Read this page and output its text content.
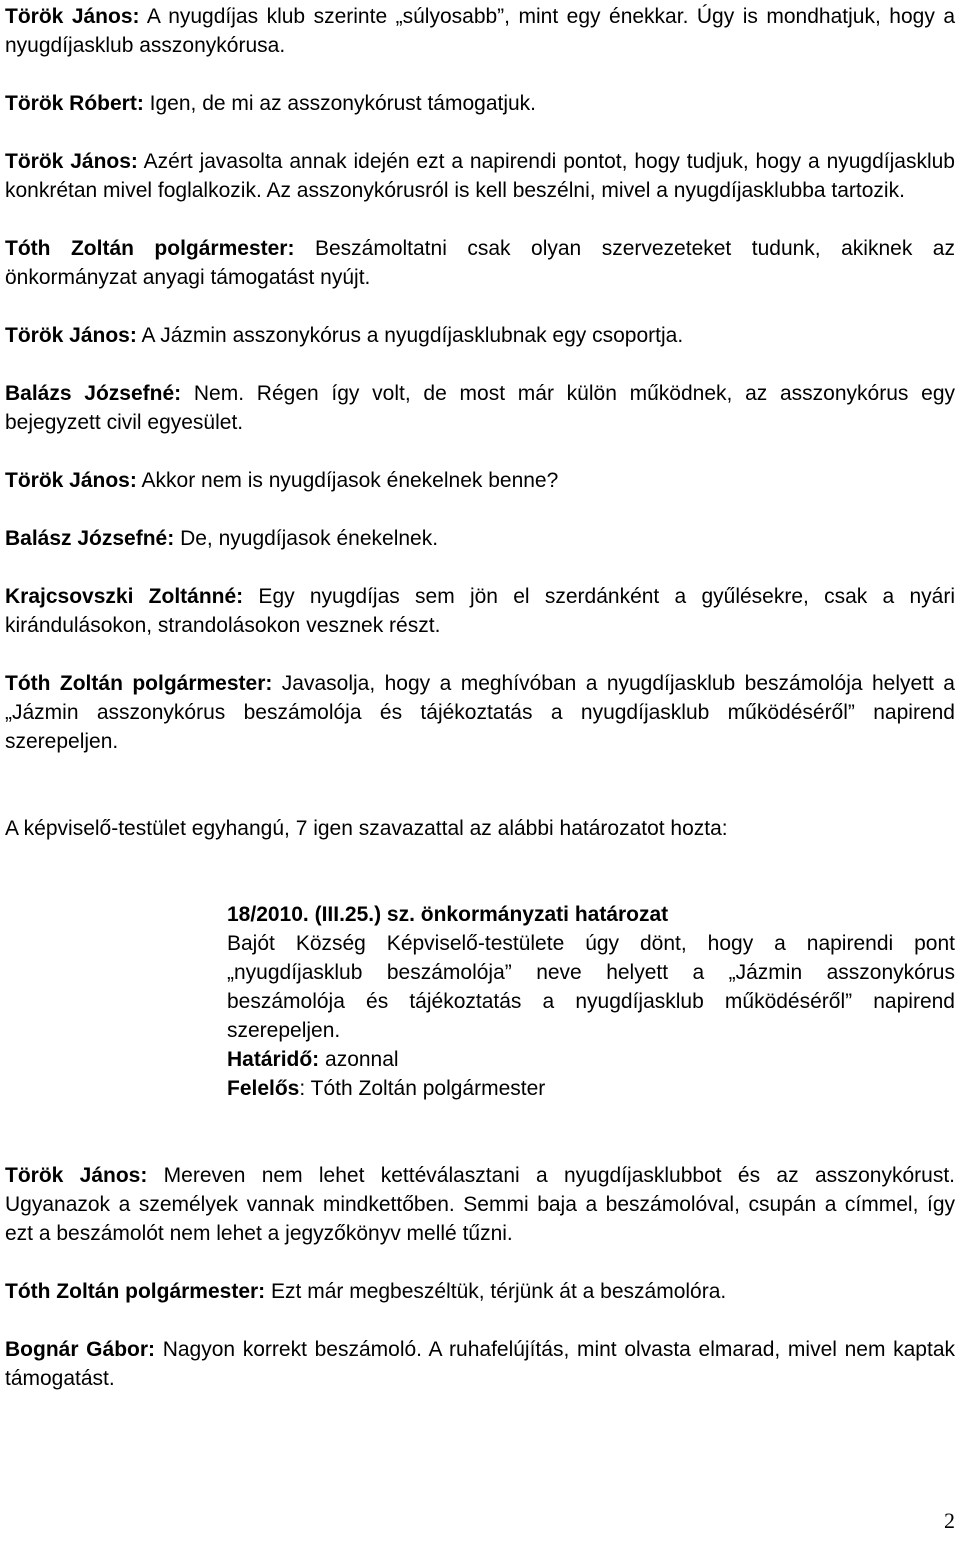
Török János: A nyugdíjas klub szerinte „súlyosabb”, mint egy énekkar. Úgy is mondhatjuk, hogy a nyugdíjasklub asszonykórusa.

Török Róbert: Igen, de mi az asszonykórust támogatjuk.

Török János: Azért javasolta annak idején ezt a napirendi pontot, hogy tudjuk, hogy a nyugdíjasklub konkrétan mivel foglalkozik. Az asszonykórusról is kell beszélni, mivel a nyugdíjasklubba tartozik.

Tóth Zoltán polgármester: Beszámoltatni csak olyan szervezeteket tudunk, akiknek az önkormányzat anyagi támogatást nyújt.

Török János: A Jázmin asszonykórus a nyugdíjasklubnak egy csoportja.

Balázs Józsefné: Nem. Régen így volt, de most már külön működnek, az asszonykórus egy bejegyzett civil egyesület.

Török János: Akkor nem is nyugdíjasok énekelnek benne?

Balász Józsefné: De, nyugdíjasok énekelnek.

Krajcsovszki Zoltánné: Egy nyugdíjas sem jön el szerdánként a gyűlésekre, csak a nyári kirándulásokon, strandolásokon vesznek részt.

Tóth Zoltán polgármester: Javasolja, hogy a meghívóban a nyugdíjasklub beszámolója helyett a „Jázmin asszonykórus beszámolója és tájékoztatás a nyugdíjasklub működéséről” napirend szerepeljen.

A képviselő-testület egyhangú, 7 igen szavazattal az alábbi határozatot hozta:

18/2010. (III.25.) sz. önkormányzati határozat

Bajót Község Képviselő-testülete úgy dönt, hogy a napirendi pont „nyugdíjasklub beszámolója” neve helyett a „Jázmin asszonykórus beszámolója és tájékoztatás a nyugdíjasklub működéséről” napirend szerepeljen.

Határidő: azonnal
Felelős: Tóth Zoltán polgármester

Török János: Mereven nem lehet kettéválasztani a nyugdíjasklubbot és az asszonykórust. Ugyanazok a személyek vannak mindkettőben. Semmi baja a beszámolóval, csupán a címmel, így ezt a beszámolót nem lehet a jegyzőkönyv mellé tűzni.

Tóth Zoltán polgármester: Ezt már megbeszéltük, térjünk át a beszámolóra.

Bognár Gábor: Nagyon korrekt beszámoló. A ruhafelújítás, mint olvasta elmarad, mivel nem kaptak támogatást.

2
